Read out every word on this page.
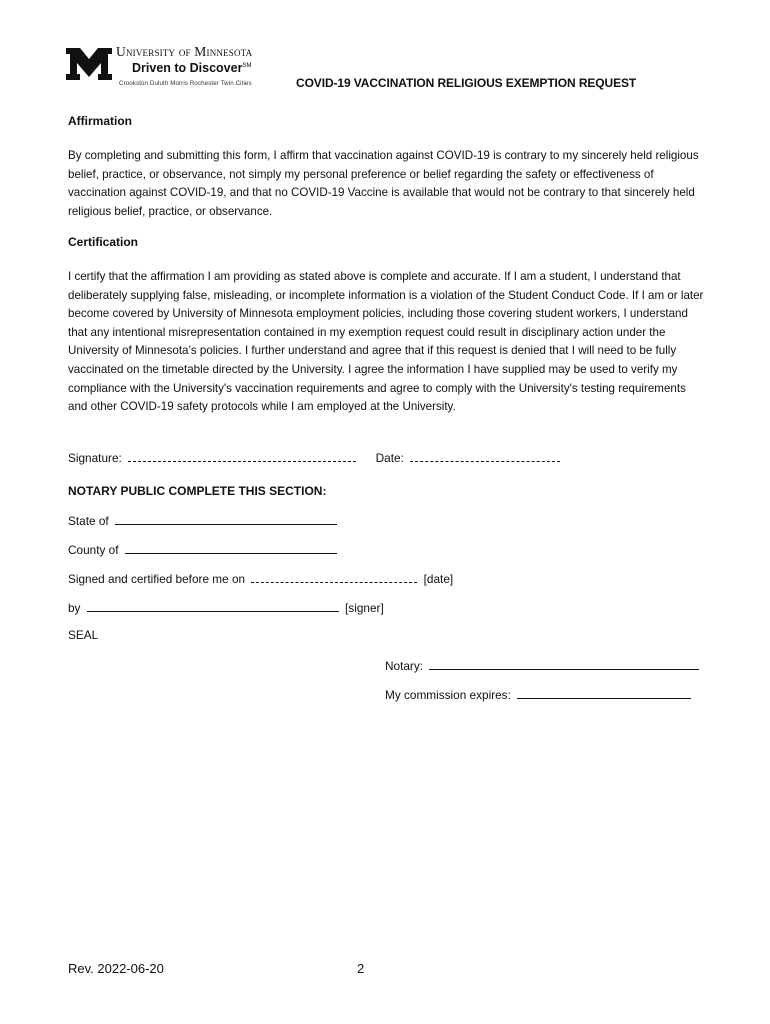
University of Minnesota
Driven to Discover℠
Crookston Duluth Morris Rochester Twin Cities	COVID-19 VACCINATION RELIGIOUS EXEMPTION REQUEST
Affirmation

By completing and submitting this form, I affirm that vaccination against COVID-19 is contrary to my sincerely held religious belief, practice, or observance, not simply my personal preference or belief regarding the safety or effectiveness of vaccination against COVID-19, and that no COVID-19 Vaccine is available that would not be contrary to that sincerely held religious belief, practice, or observance.

Certification

I certify that the affirmation I am providing as stated above is complete and accurate. If I am a student, I understand that deliberately supplying false, misleading, or incomplete information is a violation of the Student Conduct Code. If I am or later become covered by University of Minnesota employment policies, including those covering student workers, I understand that any intentional misrepresentation contained in my exemption request could result in disciplinary action under the University of Minnesota’s policies. I further understand and agree that if this request is denied that I will need to be fully vaccinated on the timetable directed by the University. I agree the information I have supplied may be used to verify my compliance with the University's vaccination requirements and agree to comply with the University's testing requirements and other COVID-19 safety protocols while I am employed at the University.

Signature:	Date:
NOTARY PUBLIC COMPLETE THIS SECTION:
State of
County of
Signed and certified before me on	[date]
by	[signer]
SEAL
Notary:
My commission expires:
Rev. 2022-06-20	2
